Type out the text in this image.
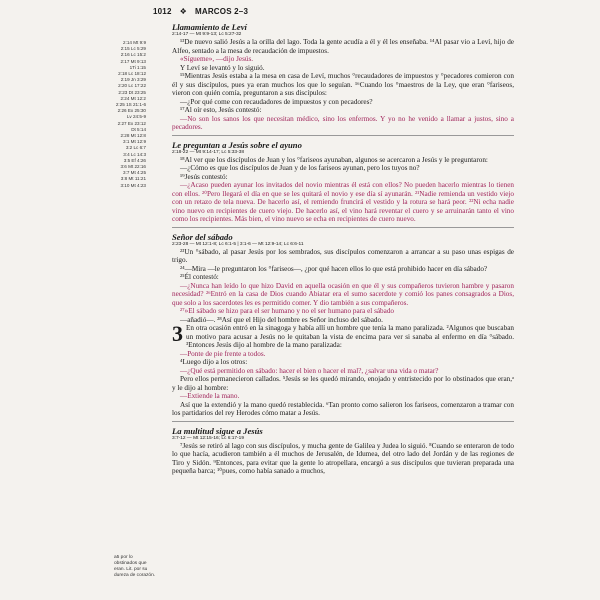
1012 ❖ MARCOS 2–3
2:14 Mt 9:9
2:15 Lc 5:29
2:16 Lc 15:2
2:17 Mt 9:13
1Ti 1:15
2:18 Lc 18:12
2:19 Jn 3:29
2:20 Lc 17:22
2:23 Dt 23:25
2:24 Mt 12:2
2:25 1S 21:1-6
2:26 Ex 25:30
Lv 24:5-9
2:27 Ex 23:12
Dt 5:14
2:28 Mt 12:8
3:1 Mt 12:9
3:2 Lc 6:7
3:4 Lc 14:3
3:5 Ef 4:26
3:6 Mt 22:16
3:7 Mt 4:25
3:8 Mt 11:21
3:10 Mt 4:23

Llamamiento de Leví

2:14-17 — Mt 9:9-13; Lc 5:27-32

¹³De nuevo salió Jesús a la orilla del lago. Toda la gente acudía a él y él les enseñaba. ¹⁴Al pasar vio a Leví, hijo de Alfeo, sentado a la mesa de recaudación de impuestos.

«Sígueme», —dijo Jesús.

Y Leví se levantó y lo siguió.

¹⁵Mientras Jesús estaba a la mesa en casa de Leví, muchos °recaudadores de impuestos y °pecadores comieron con él y sus discípulos, pues ya eran muchos los que lo seguían. ¹⁶Cuando los °maestros de la Ley, que eran °fariseos, vieron con quién comía, preguntaron a sus discípulos:

—¿Por qué come con recaudadores de impuestos y con pecadores?

¹⁷Al oír esto, Jesús contestó:

—No son los sanos los que necesitan médico, sino los enfermos. Y yo no he venido a llamar a justos, sino a pecadores.

Le preguntan a Jesús sobre el ayuno

2:18-22 — Mt 9:14-17; Lc 5:33-38

¹⁸Al ver que los discípulos de Juan y los °fariseos ayunaban, algunos se acercaron a Jesús y le preguntaron:

—¿Cómo es que los discípulos de Juan y de los fariseos ayunan, pero los tuyos no?

¹⁹Jesús contestó:

—¿Acaso pueden ayunar los invitados del novio mientras él está con ellos? No pueden hacerlo mientras lo tienen con ellos. ²⁰Pero llegará el día en que se les quitará el novio y ese día sí ayunarán. ²¹Nadie remienda un vestido viejo con un retazo de tela nueva. De hacerlo así, el remiendo fruncirá el vestido y la rotura se hará peor. ²²Ni echa nadie vino nuevo en recipientes de cuero viejo. De hacerlo así, el vino hará reventar el cuero y se arruinarán tanto el vino como los recipientes. Más bien, el vino nuevo se echa en recipientes de cuero nuevo.

Señor del sábado

2:23-28 — Mt 12:1-8; Lc 6:1-5 | 3:1-6 — Mt 12:9-14; Lc 6:6-11

²³Un °sábado, al pasar Jesús por los sembrados, sus discípulos comenzaron a arrancar a su paso unas espigas de trigo.

²⁴—Mira —le preguntaron los °fariseos—, ¿por qué hacen ellos lo que está prohibido hacer en día sábado?

²⁵Él contestó:

—¿Nunca han leído lo que hizo David en aquella ocasión en que él y sus compañeros tuvieron hambre y pasaron necesidad? ²⁶Entró en la casa de Dios cuando Abiatar era el sumo sacerdote y comió los panes consagrados a Dios, que solo a los sacerdotes les es permitido comer. Y dio también a sus compañeros.

²⁷»El sábado se hizo para el ser humano y no el ser humano para el sábado

—añadió—. ²⁸Así que el Hijo del hombre es Señor incluso del sábado.

3 En otra ocasión entró en la sinagoga y había allí un hombre que tenía la mano paralizada. ²Algunos que buscaban un motivo para acusar a Jesús no le quitaban la vista de encima para ver si sanaba al enfermo en día °sábado. ³Entonces Jesús dijo al hombre de la mano paralizada:

—Ponte de pie frente a todos.

⁴Luego dijo a los otros:

—¿Qué está permitido en sábado: hacer el bien o hacer el mal?, ¿salvar una vida o matar?

Pero ellos permanecieron callados. ⁵Jesús se les quedó mirando, enojado y entristecido por lo obstinados que eran,ᵃ y le dijo al hombre:

—Extiende la mano.

Así que la extendió y la mano quedó restablecida. ⁶Tan pronto como salieron los fariseos, comenzaron a tramar con los partidarios del rey Herodes cómo matar a Jesús.

La multitud sigue a Jesús

3:7-12 — Mt 12:15-16; Lc 6:17-19

⁷Jesús se retiró al lago con sus discípulos, y mucha gente de Galilea y Judea lo siguió. ⁸Cuando se enteraron de todo lo que hacía, acudieron también a él muchos de Jerusalén, de Idumea, del otro lado del Jordán y de las regiones de Tiro y Sidón. ⁹Entonces, para evitar que la gente lo atropellara, encargó a sus discípulos que tuvieran preparada una pequeña barca; ¹⁰pues, como había sanado a muchos,

a5 por lo obstinados que eran. Lit. por su dureza de corazón.
